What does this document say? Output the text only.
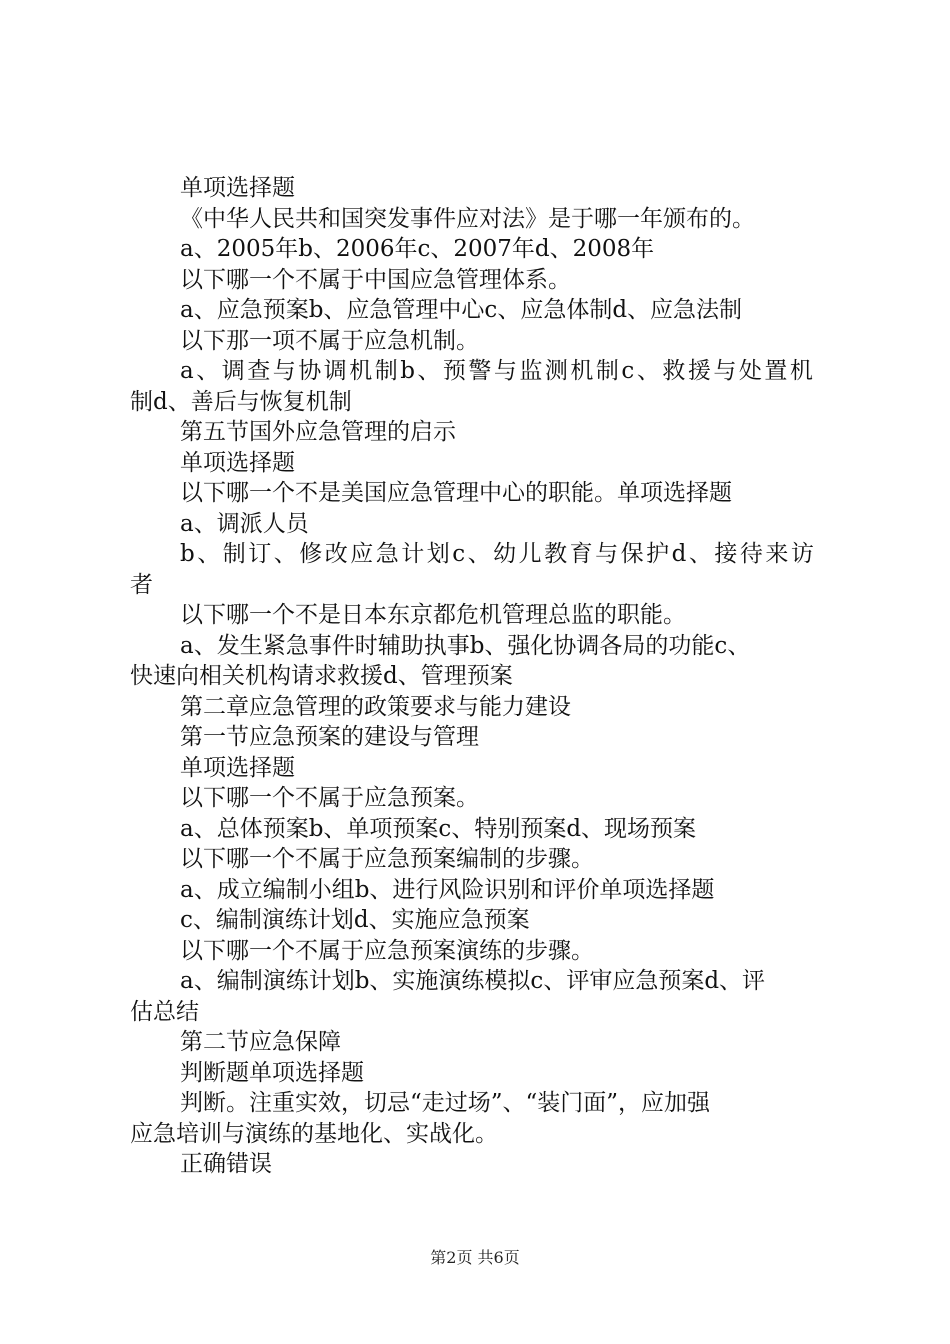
单项选择题
《中华人民共和国突发事件应对法》是于哪一年颁布的。
a、2005年b、2006年c、2007年d、2008年
以下哪一个不属于中国应急管理体系。
a、应急预案b、应急管理中心c、应急体制d、应急法制
以下那一项不属于应急机制。
a、调查与协调机制b、预警与监测机制c、救援与处置机
制d、善后与恢复机制
第五节国外应急管理的启示
单项选择题
以下哪一个不是美国应急管理中心的职能。单项选择题
a、调派人员
b、制订、修改应急计划c、幼儿教育与保护d、接待来访
者
以下哪一个不是日本东京都危机管理总监的职能。
a、发生紧急事件时辅助执事b、强化协调各局的功能c、
快速向相关机构请求救援d、管理预案
第二章应急管理的政策要求与能力建设
第一节应急预案的建设与管理
单项选择题
以下哪一个不属于应急预案。
a、总体预案b、单项预案c、特别预案d、现场预案
以下哪一个不属于应急预案编制的步骤。
a、成立编制小组b、进行风险识别和评价单项选择题
c、编制演练计划d、实施应急预案
以下哪一个不属于应急预案演练的步骤。
a、编制演练计划b、实施演练模拟c、评审应急预案d、评
估总结
第二节应急保障
判断题单项选择题
判断。注重实效，切忌“走过场”、“装门面”，应加强
应急培训与演练的基地化、实战化。
正确错误
第2页 共6页
